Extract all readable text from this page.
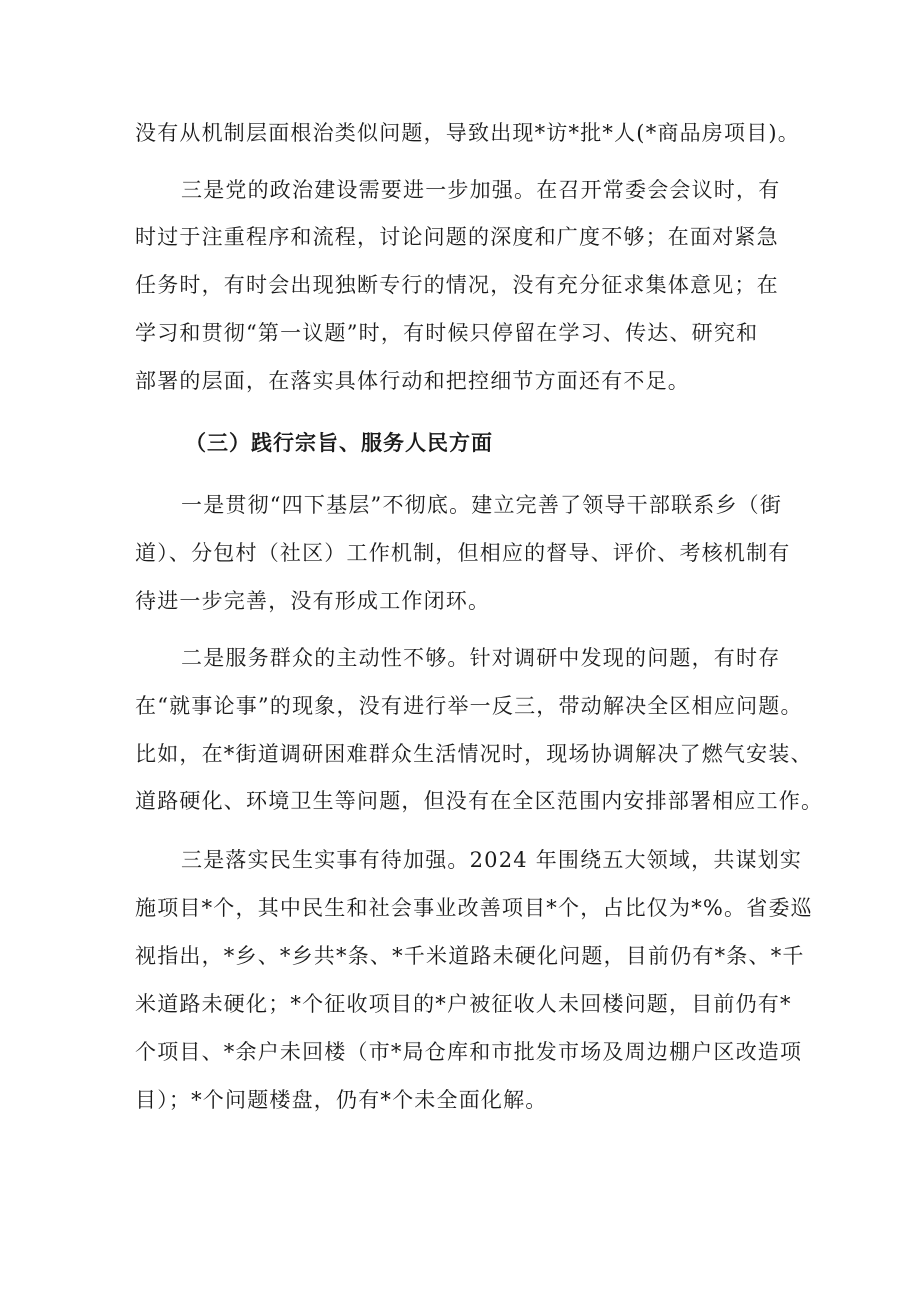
没有从机制层面根治类似问题，导致出现*访*批*人(*商品房项目)。
三是党的政治建设需要进一步加强。在召开常委会会议时，有
时过于注重程序和流程，讨论问题的深度和广度不够；在面对紧急
任务时，有时会出现独断专行的情况，没有充分征求集体意见；在
学习和贯彻“第一议题”时，有时候只停留在学习、传达、研究和
部署的层面，在落实具体行动和把控细节方面还有不足。
（三）践行宗旨、服务人民方面
一是贯彻“四下基层”不彻底。建立完善了领导干部联系乡（街
道）、分包村（社区）工作机制，但相应的督导、评价、考核机制有
待进一步完善，没有形成工作闭环。
二是服务群众的主动性不够。针对调研中发现的问题，有时存
在“就事论事”的现象，没有进行举一反三，带动解决全区相应问题。
比如，在*街道调研困难群众生活情况时，现场协调解决了燃气安装、
道路硬化、环境卫生等问题，但没有在全区范围内安排部署相应工作。
三是落实民生实事有待加强。2024 年围绕五大领域，共谋划实
施项目*个，其中民生和社会事业改善项目*个，占比仅为*%。省委巡
视指出，*乡、*乡共*条、*千米道路未硬化问题，目前仍有*条、*千
米道路未硬化；*个征收项目的*户被征收人未回楼问题，目前仍有*
个项目、*余户未回楼（市*局仓库和市批发市场及周边棚户区改造项
目）；*个问题楼盘，仍有*个未全面化解。
